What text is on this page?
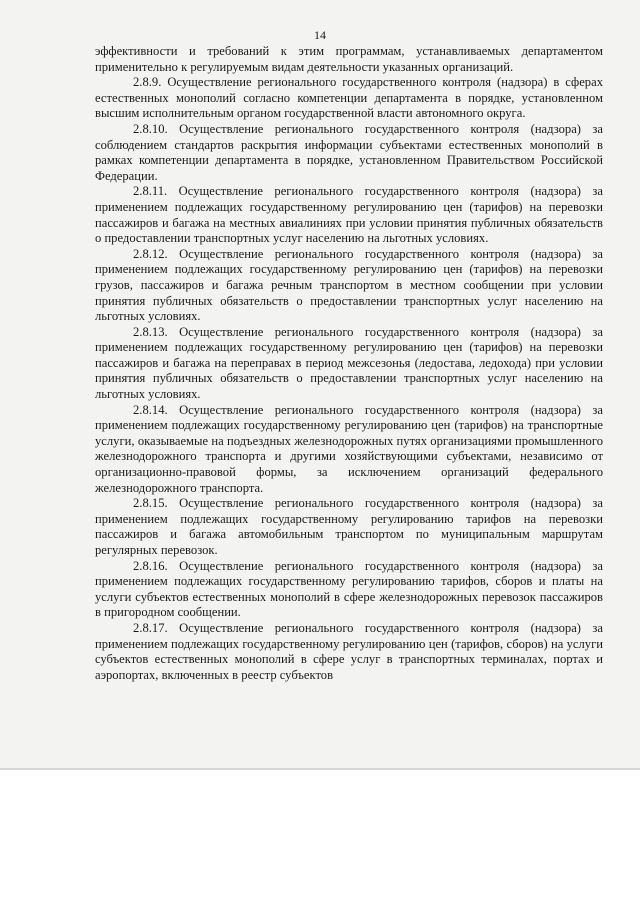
14

эффективности и требований к этим программам, устанавливаемых департаментом применительно к регулируемым видам деятельности указанных организаций.

2.8.9. Осуществление регионального государственного контроля (надзора) в сферах естественных монополий согласно компетенции департамента в порядке, установленном высшим исполнительным органом государственной власти автономного округа.

2.8.10. Осуществление регионального государственного контроля (надзора) за соблюдением стандартов раскрытия информации субъектами естественных монополий в рамках компетенции департамента в порядке, установленном Правительством Российской Федерации.

2.8.11. Осуществление регионального государственного контроля (надзора) за применением подлежащих государственному регулированию цен (тарифов) на перевозки пассажиров и багажа на местных авиалиниях при условии принятия публичных обязательств о предоставлении транспортных услуг населению на льготных условиях.

2.8.12. Осуществление регионального государственного контроля (надзора) за применением подлежащих государственному регулированию цен (тарифов) на перевозки грузов, пассажиров и багажа речным транспортом в местном сообщении при условии принятия публичных обязательств о предоставлении транспортных услуг населению на льготных условиях.

2.8.13. Осуществление регионального государственного контроля (надзора) за применением подлежащих государственному регулированию цен (тарифов) на перевозки пассажиров и багажа на переправах в период межсезонья (ледостава, ледохода) при условии принятия публичных обязательств о предоставлении транспортных услуг населению на льготных условиях.

2.8.14. Осуществление регионального государственного контроля (надзора) за применением подлежащих государственному регулированию цен (тарифов) на транспортные услуги, оказываемые на подъездных железнодорожных путях организациями промышленного железнодорожного транспорта и другими хозяйствующими субъектами, независимо от организационно-правовой формы, за исключением организаций федерального железнодорожного транспорта.

2.8.15. Осуществление регионального государственного контроля (надзора) за применением подлежащих государственному регулированию тарифов на перевозки пассажиров и багажа автомобильным транспортом по муниципальным маршрутам регулярных перевозок.

2.8.16. Осуществление регионального государственного контроля (надзора) за применением подлежащих государственному регулированию тарифов, сборов и платы на услуги субъектов естественных монополий в сфере железнодорожных перевозок пассажиров в пригородном сообщении.

2.8.17. Осуществление регионального государственного контроля (надзора) за применением подлежащих государственному регулированию цен (тарифов, сборов) на услуги субъектов естественных монополий в сфере услуг в транспортных терминалах, портах и аэропортах, включенных в реестр субъектов
